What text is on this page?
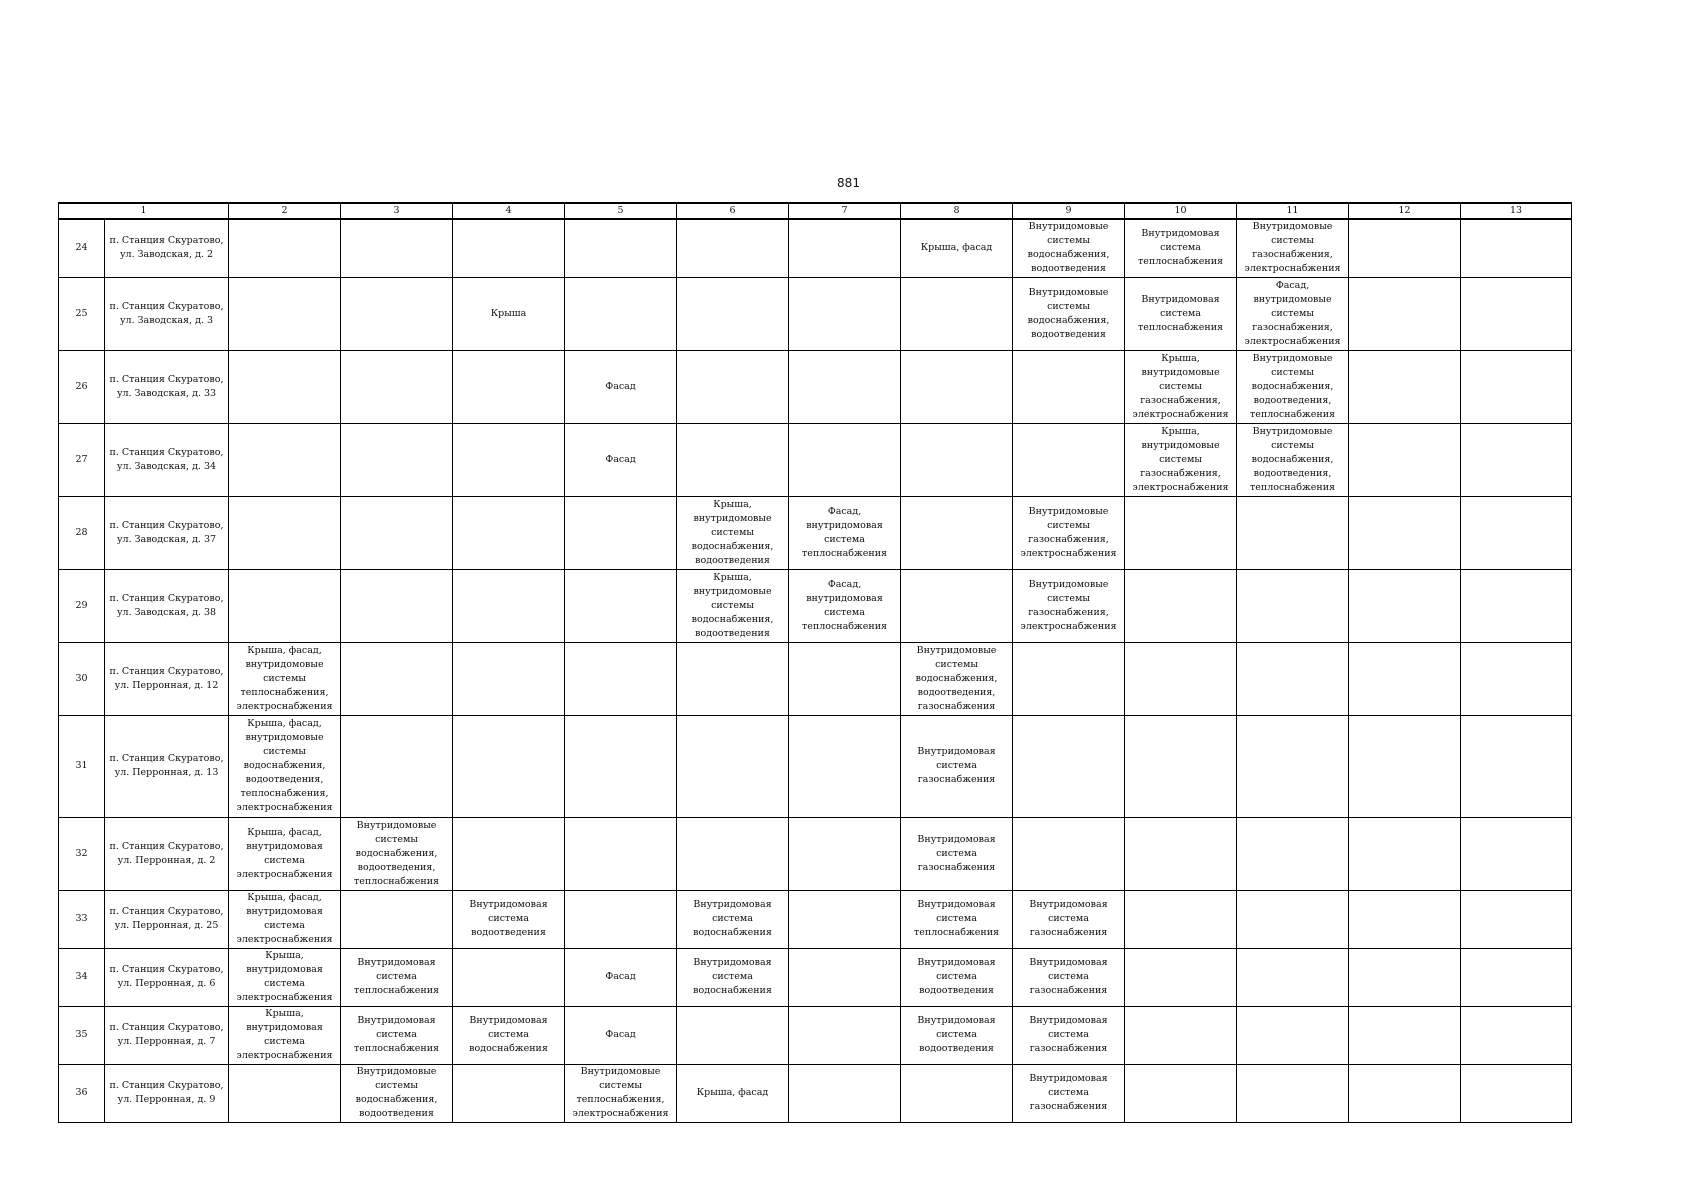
881
1		2	3	4	5	6	7	8	9	10	11	12	13
24	п. Станция Скуратово, ул. Заводская, д. 2							Крыша, фасад	Внутридомовые системы водоснабжения, водоотведения	Внутридомовая система теплоснабжения	Внутридомовые системы газоснабжения, электроснабжения		
25	п. Станция Скуратово, ул. Заводская, д. 3			Крыша					Внутридомовые системы водоснабжения, водоотведения	Внутридомовая система теплоснабжения	Фасад, внутридомовые системы газоснабжения, электроснабжения		
26	п. Станция Скуратово, ул. Заводская, д. 33				Фасад					Крыша, внутридомовые системы газоснабжения, электроснабжения	Внутридомовые системы водоснабжения, водоотведения, теплоснабжения		
27	п. Станция Скуратово, ул. Заводская, д. 34				Фасад					Крыша, внутридомовые системы газоснабжения, электроснабжения	Внутридомовые системы водоснабжения, водоотведения, теплоснабжения		
28	п. Станция Скуратово, ул. Заводская, д. 37					Крыша, внутридомовые системы водоснабжения, водоотведения	Фасад, внутридомовая система теплоснабжения		Внутридомовые системы газоснабжения, электроснабжения				
29	п. Станция Скуратово, ул. Заводская, д. 38					Крыша, внутридомовые системы водоснабжения, водоотведения	Фасад, внутридомовая система теплоснабжения		Внутридомовые системы газоснабжения, электроснабжения				
30	п. Станция Скуратово, ул. Перронная, д. 12	Крыша, фасад, внутридомовые системы теплоснабжения, электроснабжения						Внутридомовые системы водоснабжения, водоотведения, газоснабжения					
31	п. Станция Скуратово, ул. Перронная, д. 13	Крыша, фасад, внутридомовые системы водоснабжения, водоотведения, теплоснабжения, электроснабжения						Внутридомовая система газоснабжения					
32	п. Станция Скуратово, ул. Перронная, д. 2	Крыша, фасад, внутридомовая система электроснабжения	Внутридомовые системы водоснабжения, водоотведения, теплоснабжения					Внутридомовая система газоснабжения					
33	п. Станция Скуратово, ул. Перронная, д. 25	Крыша, фасад, внутридомовая система электроснабжения		Внутридомовая система водоотведения		Внутридомовая система водоснабжения		Внутридомовая система теплоснабжения	Внутридомовая система газоснабжения				
34	п. Станция Скуратово, ул. Перронная, д. 6	Крыша, внутридомовая система электроснабжения	Внутридомовая система теплоснабжения		Фасад	Внутридомовая система водоснабжения		Внутридомовая система водоотведения	Внутридомовая система газоснабжения				
35	п. Станция Скуратово, ул. Перронная, д. 7	Крыша, внутридомовая система электроснабжения	Внутридомовая система теплоснабжения	Внутридомовая система водоснабжения	Фасад			Внутридомовая система водоотведения	Внутридомовая система газоснабжения				
36	п. Станция Скуратово, ул. Перронная, д. 9		Внутридомовые системы водоснабжения, водоотведения		Внутридомовые системы теплоснабжения, электроснабжения	Крыша, фасад			Внутридомовая система газоснабжения				
